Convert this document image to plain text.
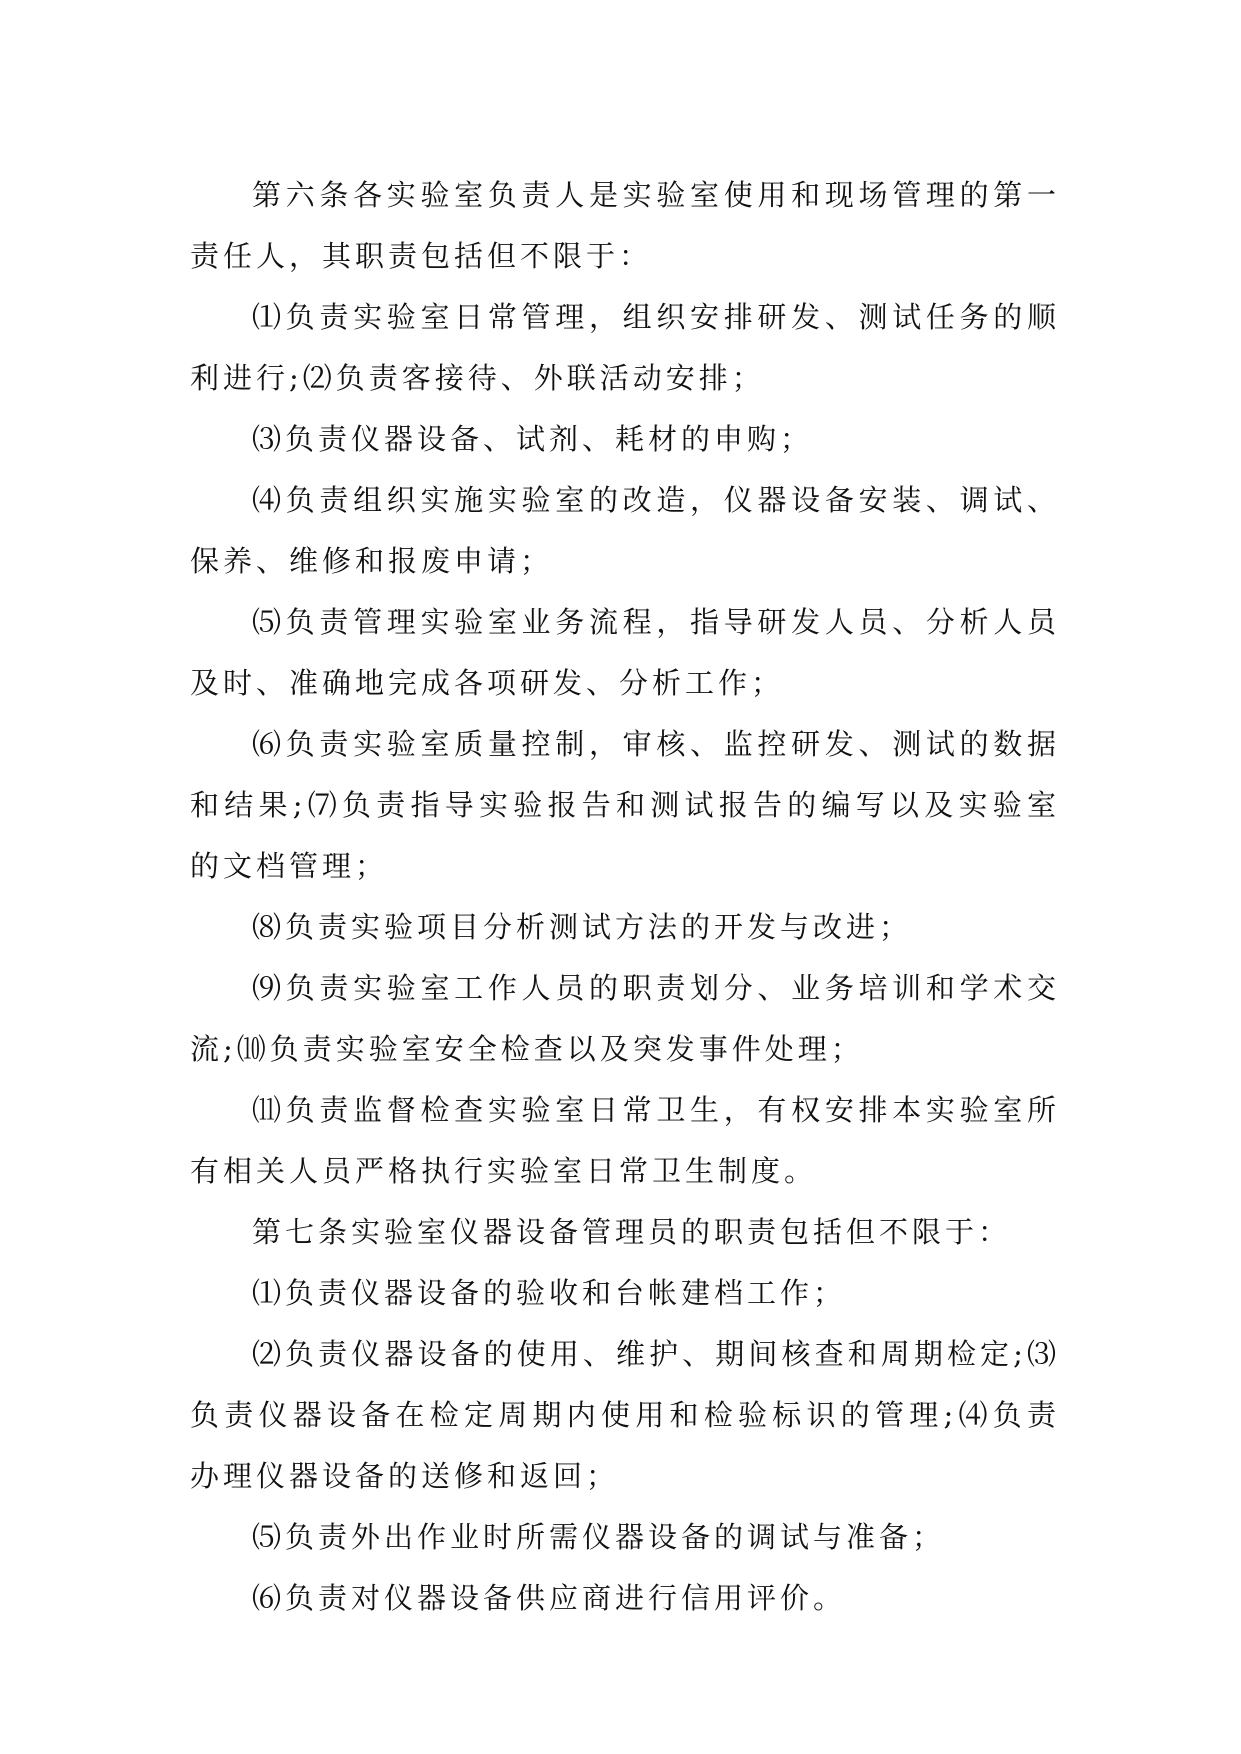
第六条各实验室负责人是实验室使用和现场管理的第一责任人，其职责包括但不限于：

⑴负责实验室日常管理，组织安排研发、测试任务的顺利进行;⑵负责客接待、外联活动安排；

⑶负责仪器设备、试剂、耗材的申购；

⑷负责组织实施实验室的改造，仪器设备安装、调试、保养、维修和报废申请；

⑸负责管理实验室业务流程，指导研发人员、分析人员及时、准确地完成各项研发、分析工作；

⑹负责实验室质量控制，审核、监控研发、测试的数据和结果;⑺负责指导实验报告和测试报告的编写以及实验室的文档管理；

⑻负责实验项目分析测试方法的开发与改进；

⑼负责实验室工作人员的职责划分、业务培训和学术交流;⑽负责实验室安全检查以及突发事件处理；

⑾负责监督检查实验室日常卫生，有权安排本实验室所有相关人员严格执行实验室日常卫生制度。

第七条实验室仪器设备管理员的职责包括但不限于：

⑴负责仪器设备的验收和台帐建档工作；

⑵负责仪器设备的使用、维护、期间核查和周期检定;⑶负责仪器设备在检定周期内使用和检验标识的管理;⑷负责办理仪器设备的送修和返回；

⑸负责外出作业时所需仪器设备的调试与准备；

⑹负责对仪器设备供应商进行信用评价。
